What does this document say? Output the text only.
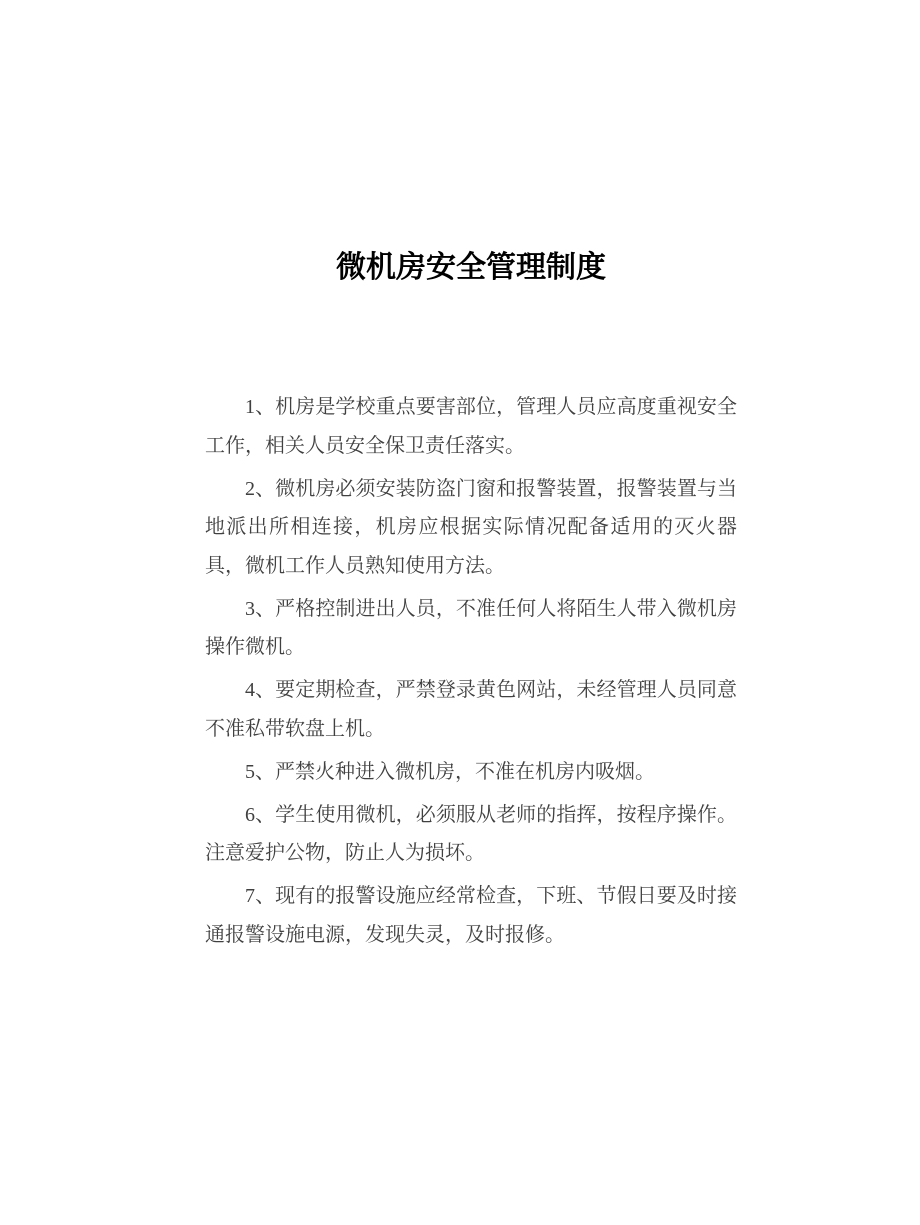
微机房安全管理制度

1、机房是学校重点要害部位，管理人员应高度重视安全工作，相关人员安全保卫责任落实。

2、微机房必须安装防盗门窗和报警装置，报警装置与当地派出所相连接，机房应根据实际情况配备适用的灭火器具，微机工作人员熟知使用方法。

3、严格控制进出人员，不准任何人将陌生人带入微机房操作微机。

4、要定期检查，严禁登录黄色网站，未经管理人员同意不准私带软盘上机。

5、严禁火种进入微机房，不准在机房内吸烟。

6、学生使用微机，必须服从老师的指挥，按程序操作。注意爱护公物，防止人为损坏。

7、现有的报警设施应经常检查，下班、节假日要及时接通报警设施电源，发现失灵，及时报修。
